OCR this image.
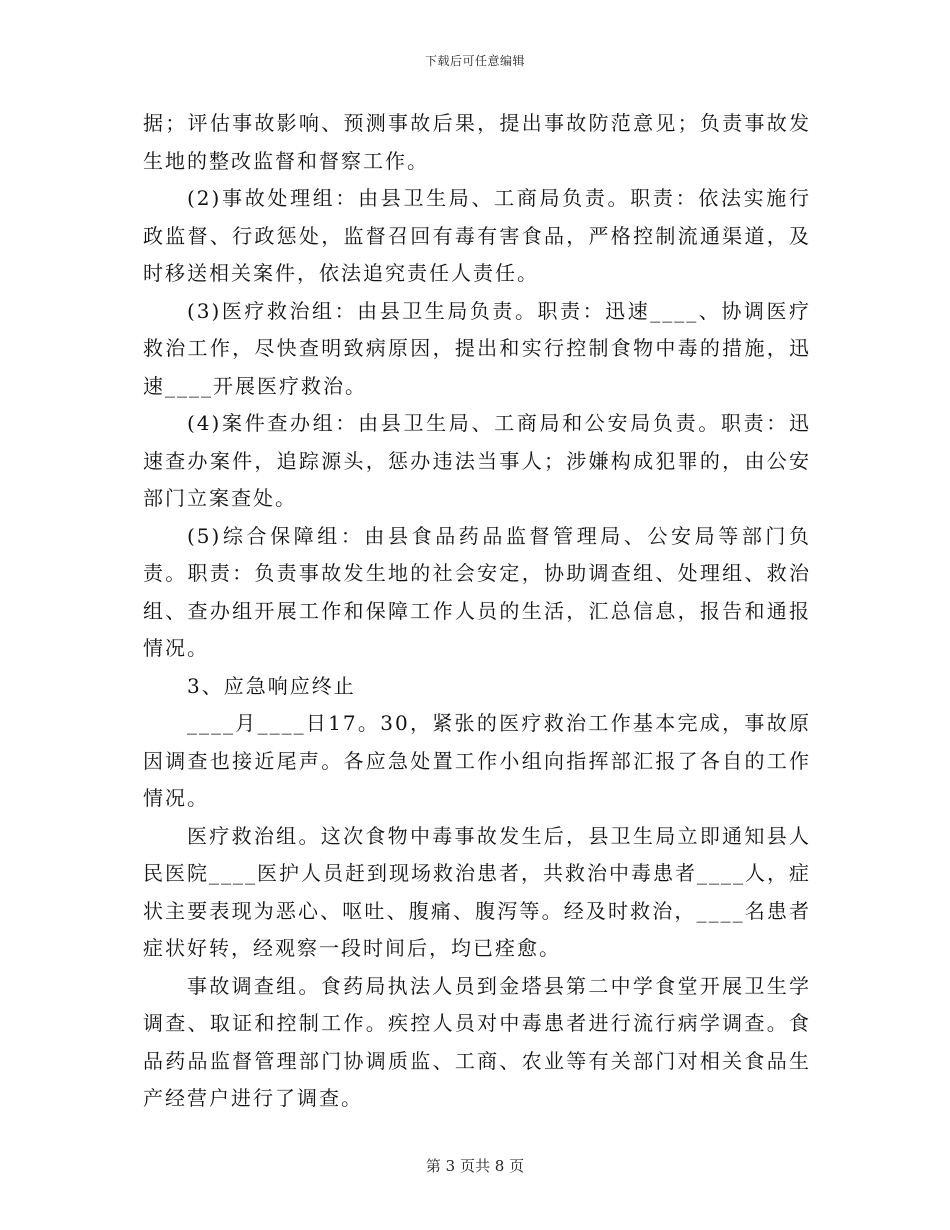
下载后可任意编辑

据；评估事故影响、预测事故后果，提出事故防范意见；负责事故发生地的整改监督和督察工作。

(2)事故处理组：由县卫生局、工商局负责。职责：依法实施行政监督、行政惩处，监督召回有毒有害食品，严格控制流通渠道，及时移送相关案件，依法追究责任人责任。

(3)医疗救治组：由县卫生局负责。职责：迅速____、协调医疗救治工作，尽快查明致病原因，提出和实行控制食物中毒的措施，迅速____开展医疗救治。

(4)案件查办组：由县卫生局、工商局和公安局负责。职责：迅速查办案件，追踪源头，惩办违法当事人；涉嫌构成犯罪的，由公安部门立案查处。

(5)综合保障组：由县食品药品监督管理局、公安局等部门负责。职责：负责事故发生地的社会安定，协助调查组、处理组、救治组、查办组开展工作和保障工作人员的生活，汇总信息，报告和通报情况。

3、应急响应终止

____月____日17。30，紧张的医疗救治工作基本完成，事故原因调查也接近尾声。各应急处置工作小组向指挥部汇报了各自的工作情况。

医疗救治组。这次食物中毒事故发生后，县卫生局立即通知县人民医院____医护人员赶到现场救治患者，共救治中毒患者____人，症状主要表现为恶心、呕吐、腹痛、腹泻等。经及时救治，____名患者症状好转，经观察一段时间后，均已痊愈。

事故调查组。食药局执法人员到金塔县第二中学食堂开展卫生学调查、取证和控制工作。疾控人员对中毒患者进行流行病学调查。食品药品监督管理部门协调质监、工商、农业等有关部门对相关食品生产经营户进行了调查。

第 3 页共 8 页
